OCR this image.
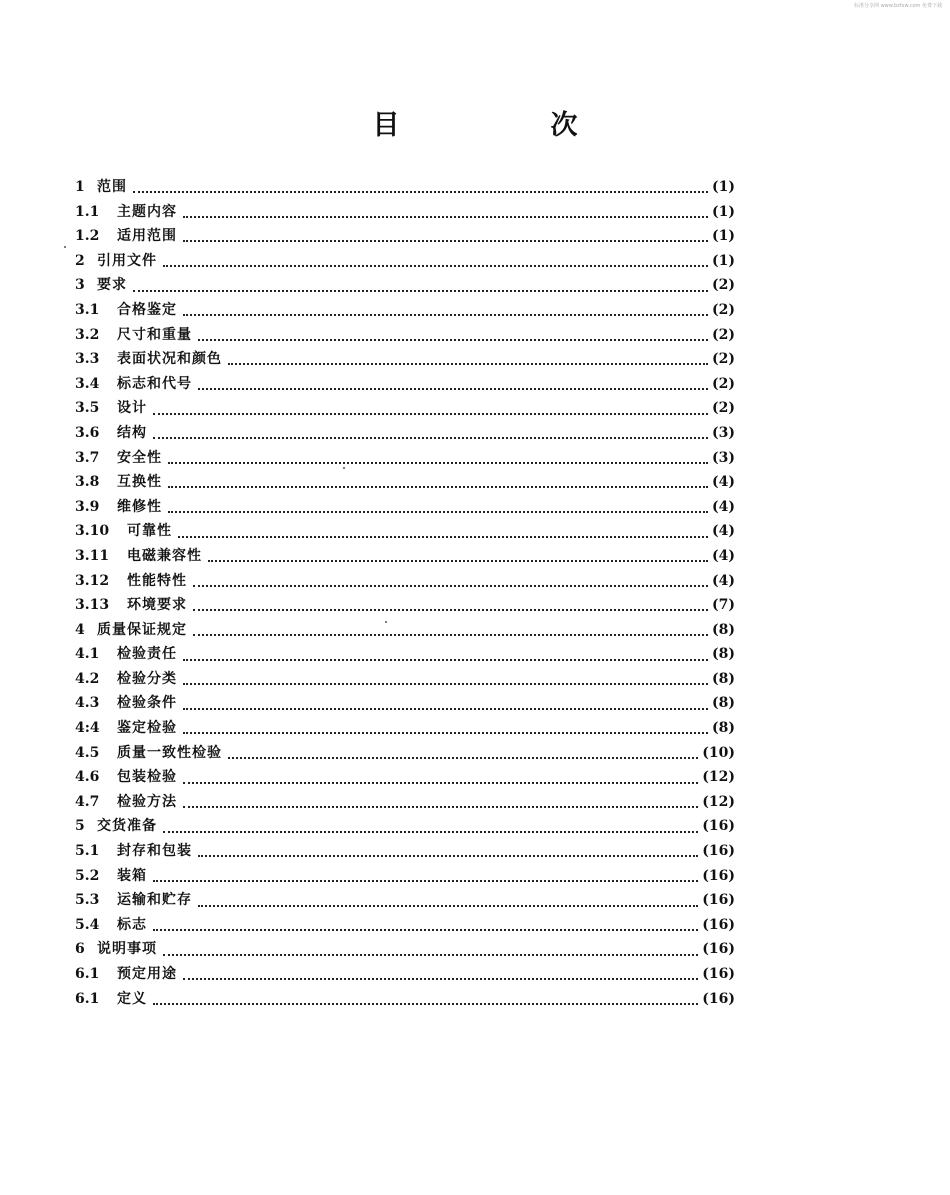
标准分享网 www.bzfxw.com 免费下载
目　次
1 范围	(1)
1.1	主题内容	(1)
1.2	适用范围	(1)
2 引用文件	(1)
3 要求	(2)
3.1	合格鉴定	(2)
3.2	尺寸和重量	(2)
3.3	表面状况和颜色	(2)
3.4	标志和代号	(2)
3.5	设计	(2)
3.6	结构	(3)
3.7	安全性	(3)
3.8	互换性	(4)
3.9	维修性	(4)
3.10	可靠性	(4)
3.11	电磁兼容性	(4)
3.12	性能特性	(4)
3.13	环境要求	(7)
4 质量保证规定	(8)
4.1	检验责任	(8)
4.2	检验分类	(8)
4.3	检验条件	(8)
4:4	鉴定检验	(8)
4.5	质量一致性检验	(10)
4.6	包装检验	(12)
4.7	检验方法	(12)
5 交货准备	(16)
5.1	封存和包装	(16)
5.2	装箱	(16)
5.3	运输和贮存	(16)
5.4	标志	(16)
6 说明事项	(16)
6.1	预定用途	(16)
6.1	定义	(16)
